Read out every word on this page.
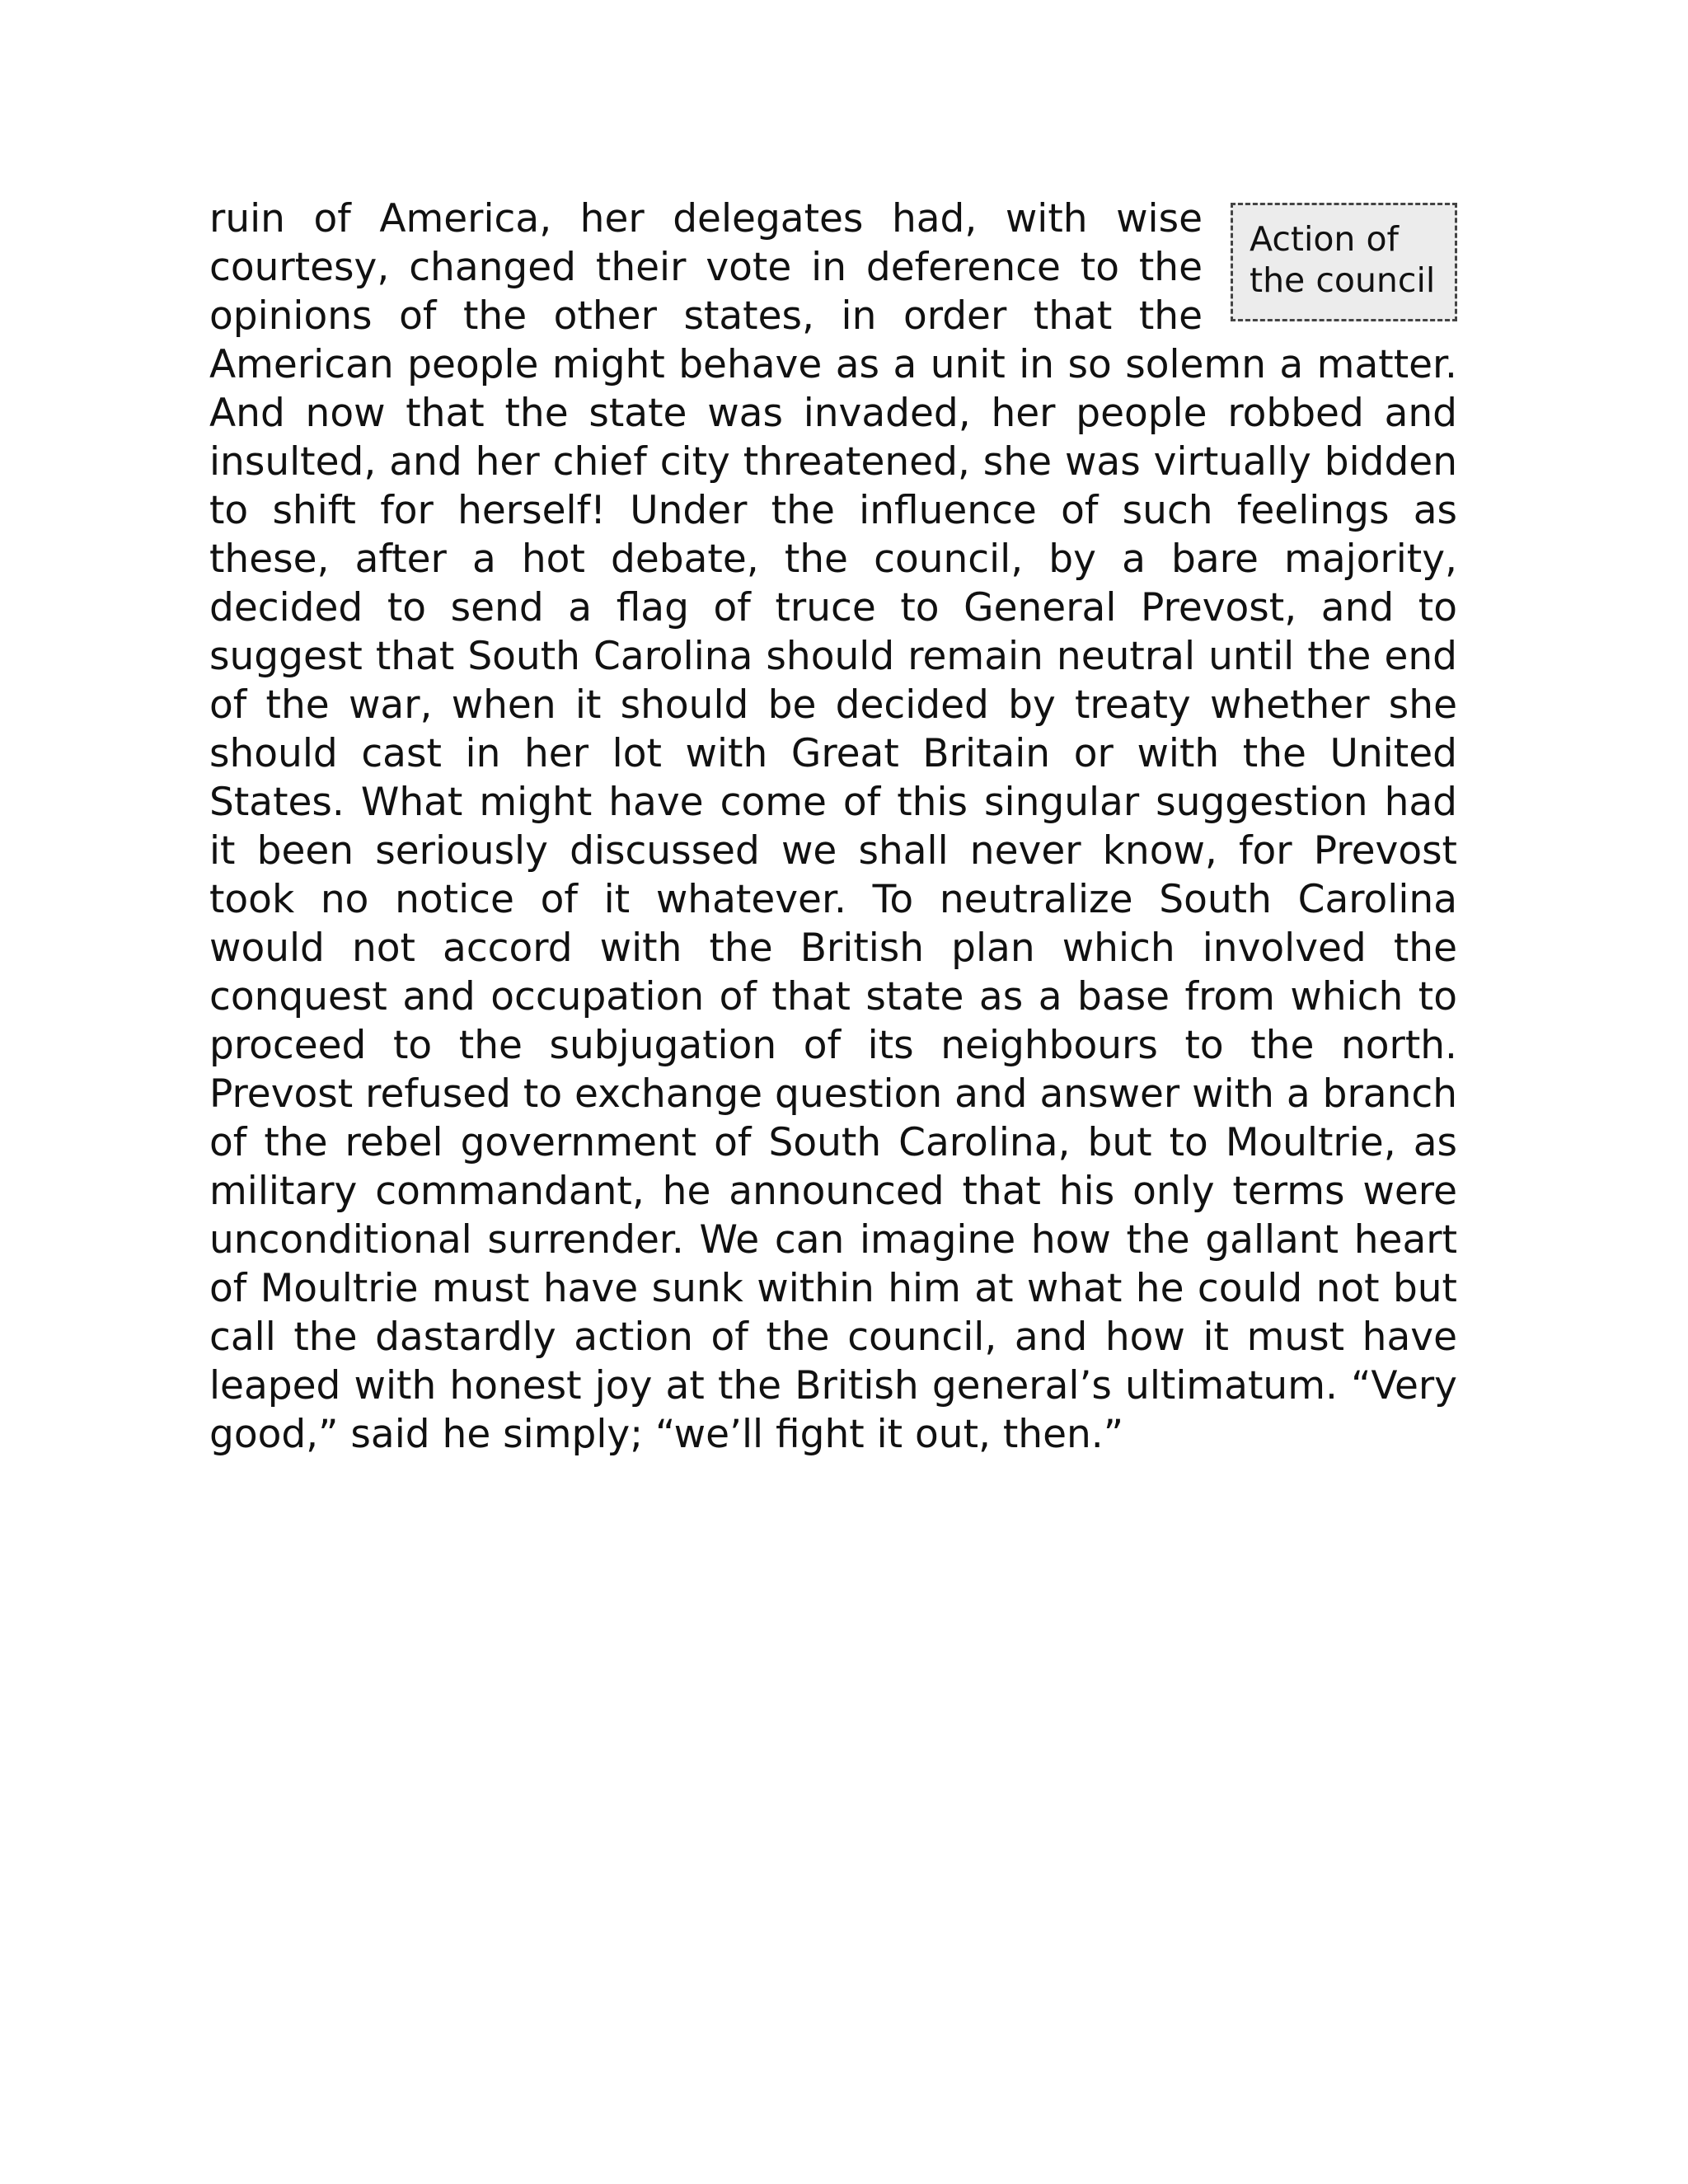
Action of
the council
ruin of America, her delegates had, with wise courtesy, changed their vote in deference to the opinions of the other states, in order that the American people might behave as a unit in so solemn a matter. And now that the state was invaded, her people robbed and insulted, and her chief city threatened, she was virtually bidden to shift for herself! Under the influence of such feelings as these, after a hot debate, the council, by a bare majority, decided to send a flag of truce to General Prevost, and to suggest that South Carolina should remain neutral until the end of the war, when it should be decided by treaty whether she should cast in her lot with Great Britain or with the United States. What might have come of this singular suggestion had it been seriously discussed we shall never know, for Prevost took no notice of it whatever. To neutralize South Carolina would not accord with the British plan which involved the conquest and occupation of that state as a base from which to proceed to the subjugation of its neighbours to the north. Prevost refused to exchange question and answer with a branch of the rebel government of South Carolina, but to Moultrie, as military commandant, he announced that his only terms were unconditional surrender. We can imagine how the gallant heart of Moultrie must have sunk within him at what he could not but call the dastardly action of the council, and how it must have leaped with honest joy at the British general’s ultimatum. “Very good,” said he simply; “we’ll fight it out, then.”
